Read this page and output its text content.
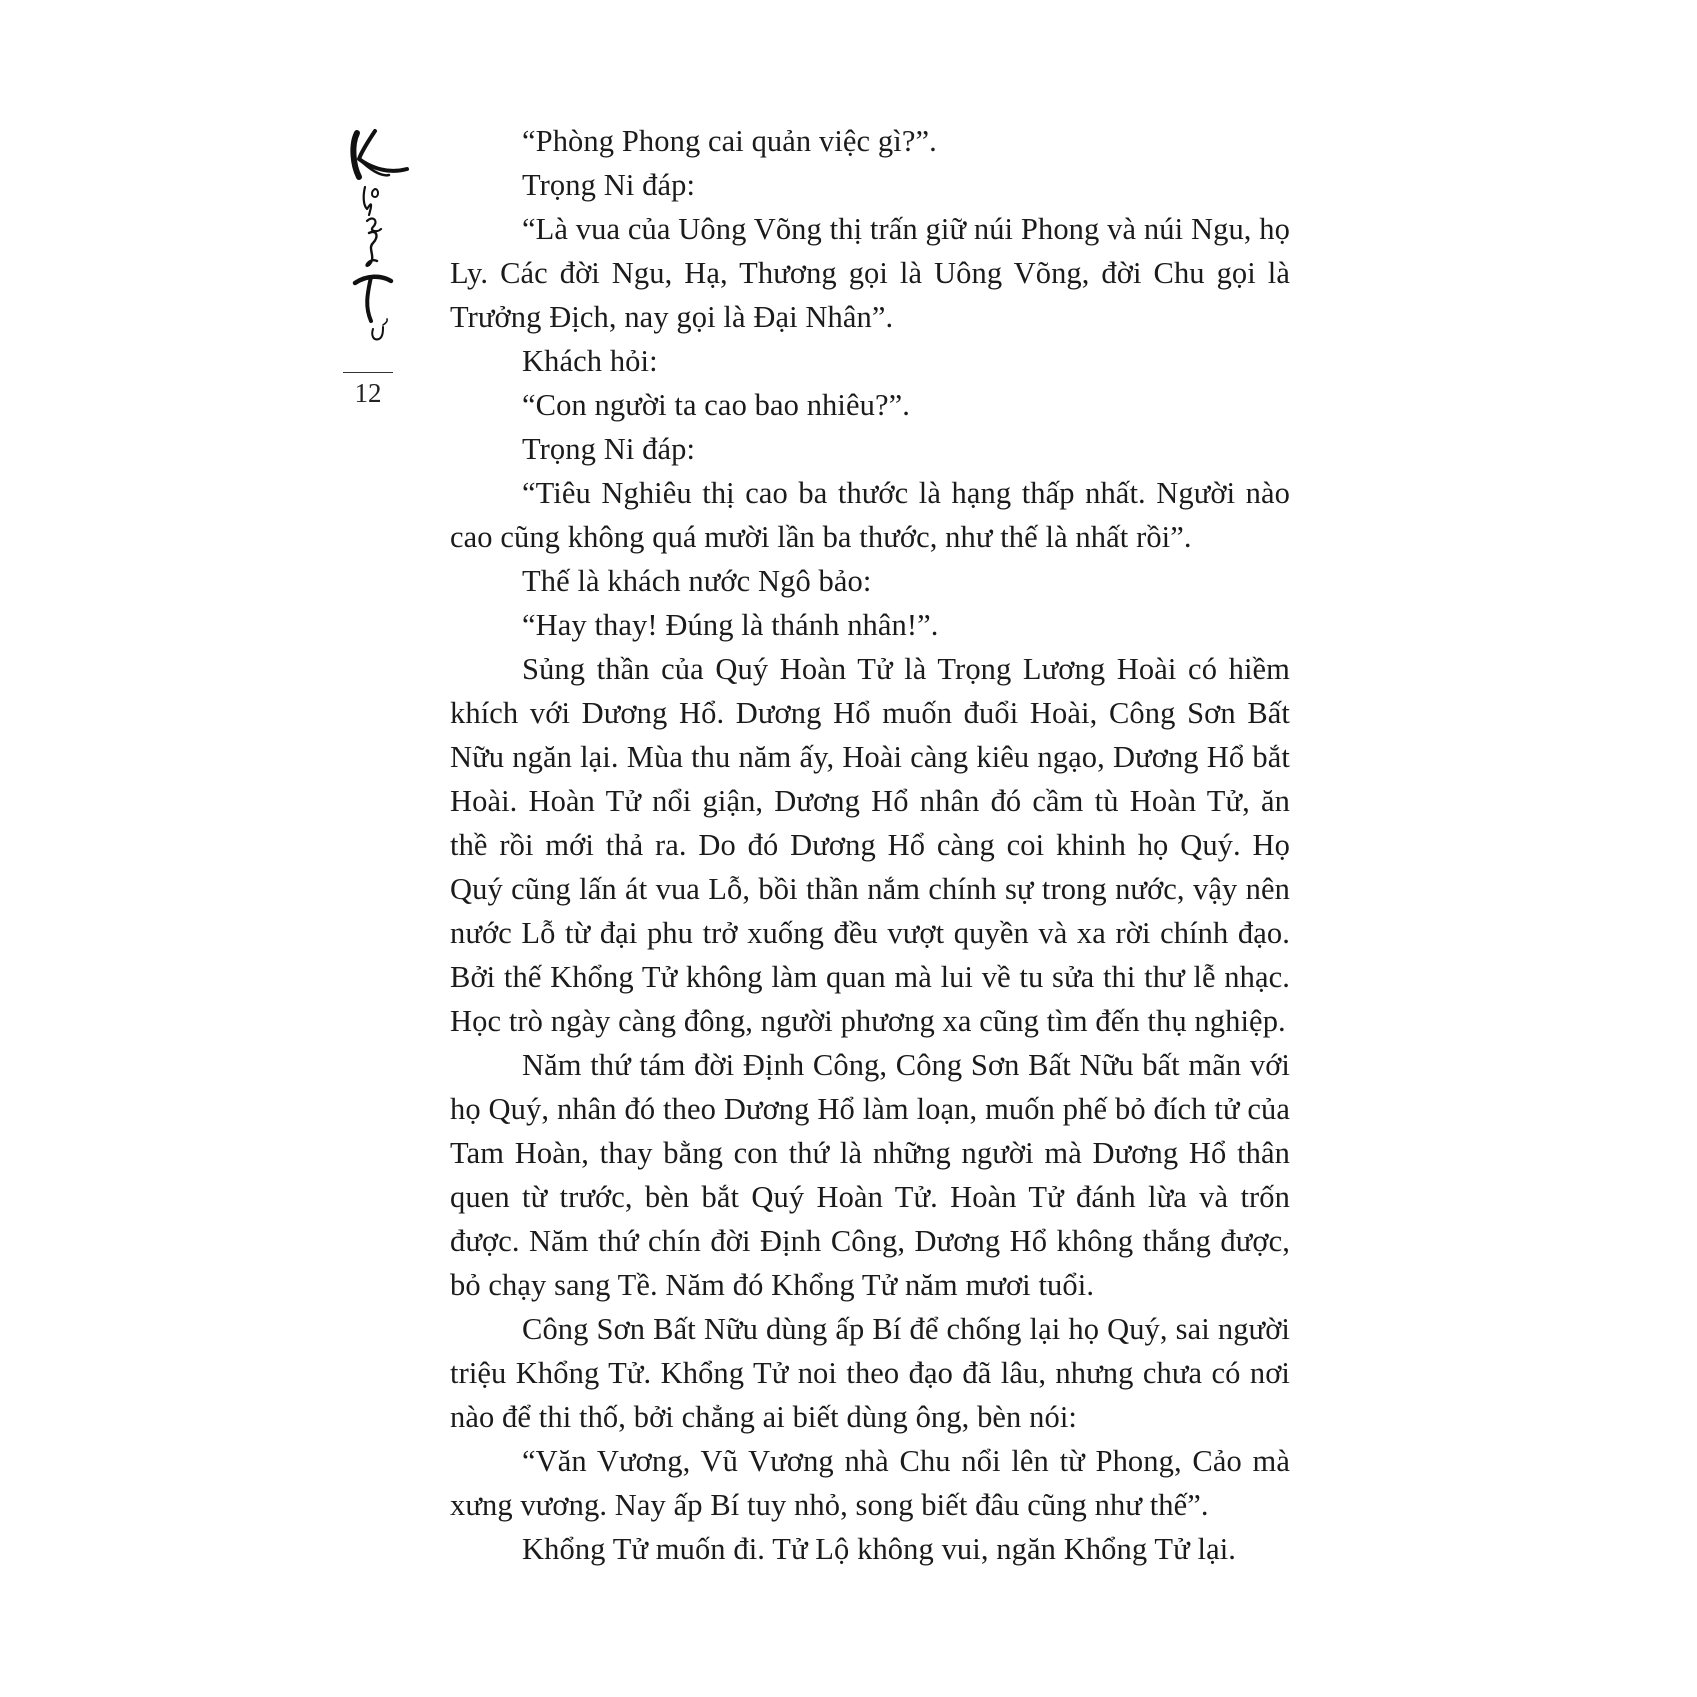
12

“Phòng Phong cai quản việc gì?”.

Trọng Ni đáp:

“Là vua của Uông Võng thị trấn giữ núi Phong và núi Ngu, họ Ly. Các đời Ngu, Hạ, Thương gọi là Uông Võng, đời Chu gọi là Trưởng Địch, nay gọi là Đại Nhân”.

Khách hỏi:

“Con người ta cao bao nhiêu?”.

Trọng Ni đáp:

“Tiêu Nghiêu thị cao ba thước là hạng thấp nhất. Người nào cao cũng không quá mười lần ba thước, như thế là nhất rồi”.

Thế là khách nước Ngô bảo:

“Hay thay! Đúng là thánh nhân!”.

Sủng thần của Quý Hoàn Tử là Trọng Lương Hoài có hiềm khích với Dương Hổ. Dương Hổ muốn đuổi Hoài, Công Sơn Bất Nữu ngăn lại. Mùa thu năm ấy, Hoài càng kiêu ngạo, Dương Hổ bắt Hoài. Hoàn Tử nổi giận, Dương Hổ nhân đó cầm tù Hoàn Tử, ăn thề rồi mới thả ra. Do đó Dương Hổ càng coi khinh họ Quý. Họ Quý cũng lấn át vua Lỗ, bồi thần nắm chính sự trong nước, vậy nên nước Lỗ từ đại phu trở xuống đều vượt quyền và xa rời chính đạo. Bởi thế Khổng Tử không làm quan mà lui về tu sửa thi thư lễ nhạc. Học trò ngày càng đông, người phương xa cũng tìm đến thụ nghiệp.

Năm thứ tám đời Định Công, Công Sơn Bất Nữu bất mãn với họ Quý, nhân đó theo Dương Hổ làm loạn, muốn phế bỏ đích tử của Tam Hoàn, thay bằng con thứ là những người mà Dương Hổ thân quen từ trước, bèn bắt Quý Hoàn Tử. Hoàn Tử đánh lừa và trốn được. Năm thứ chín đời Định Công, Dương Hổ không thắng được, bỏ chạy sang Tề. Năm đó Khổng Tử năm mươi tuổi.

Công Sơn Bất Nữu dùng ấp Bí để chống lại họ Quý, sai người triệu Khổng Tử. Khổng Tử noi theo đạo đã lâu, nhưng chưa có nơi nào để thi thố, bởi chẳng ai biết dùng ông, bèn nói:

“Văn Vương, Vũ Vương nhà Chu nổi lên từ Phong, Cảo mà xưng vương. Nay ấp Bí tuy nhỏ, song biết đâu cũng như thế”.

Khổng Tử muốn đi. Tử Lộ không vui, ngăn Khổng Tử lại.
